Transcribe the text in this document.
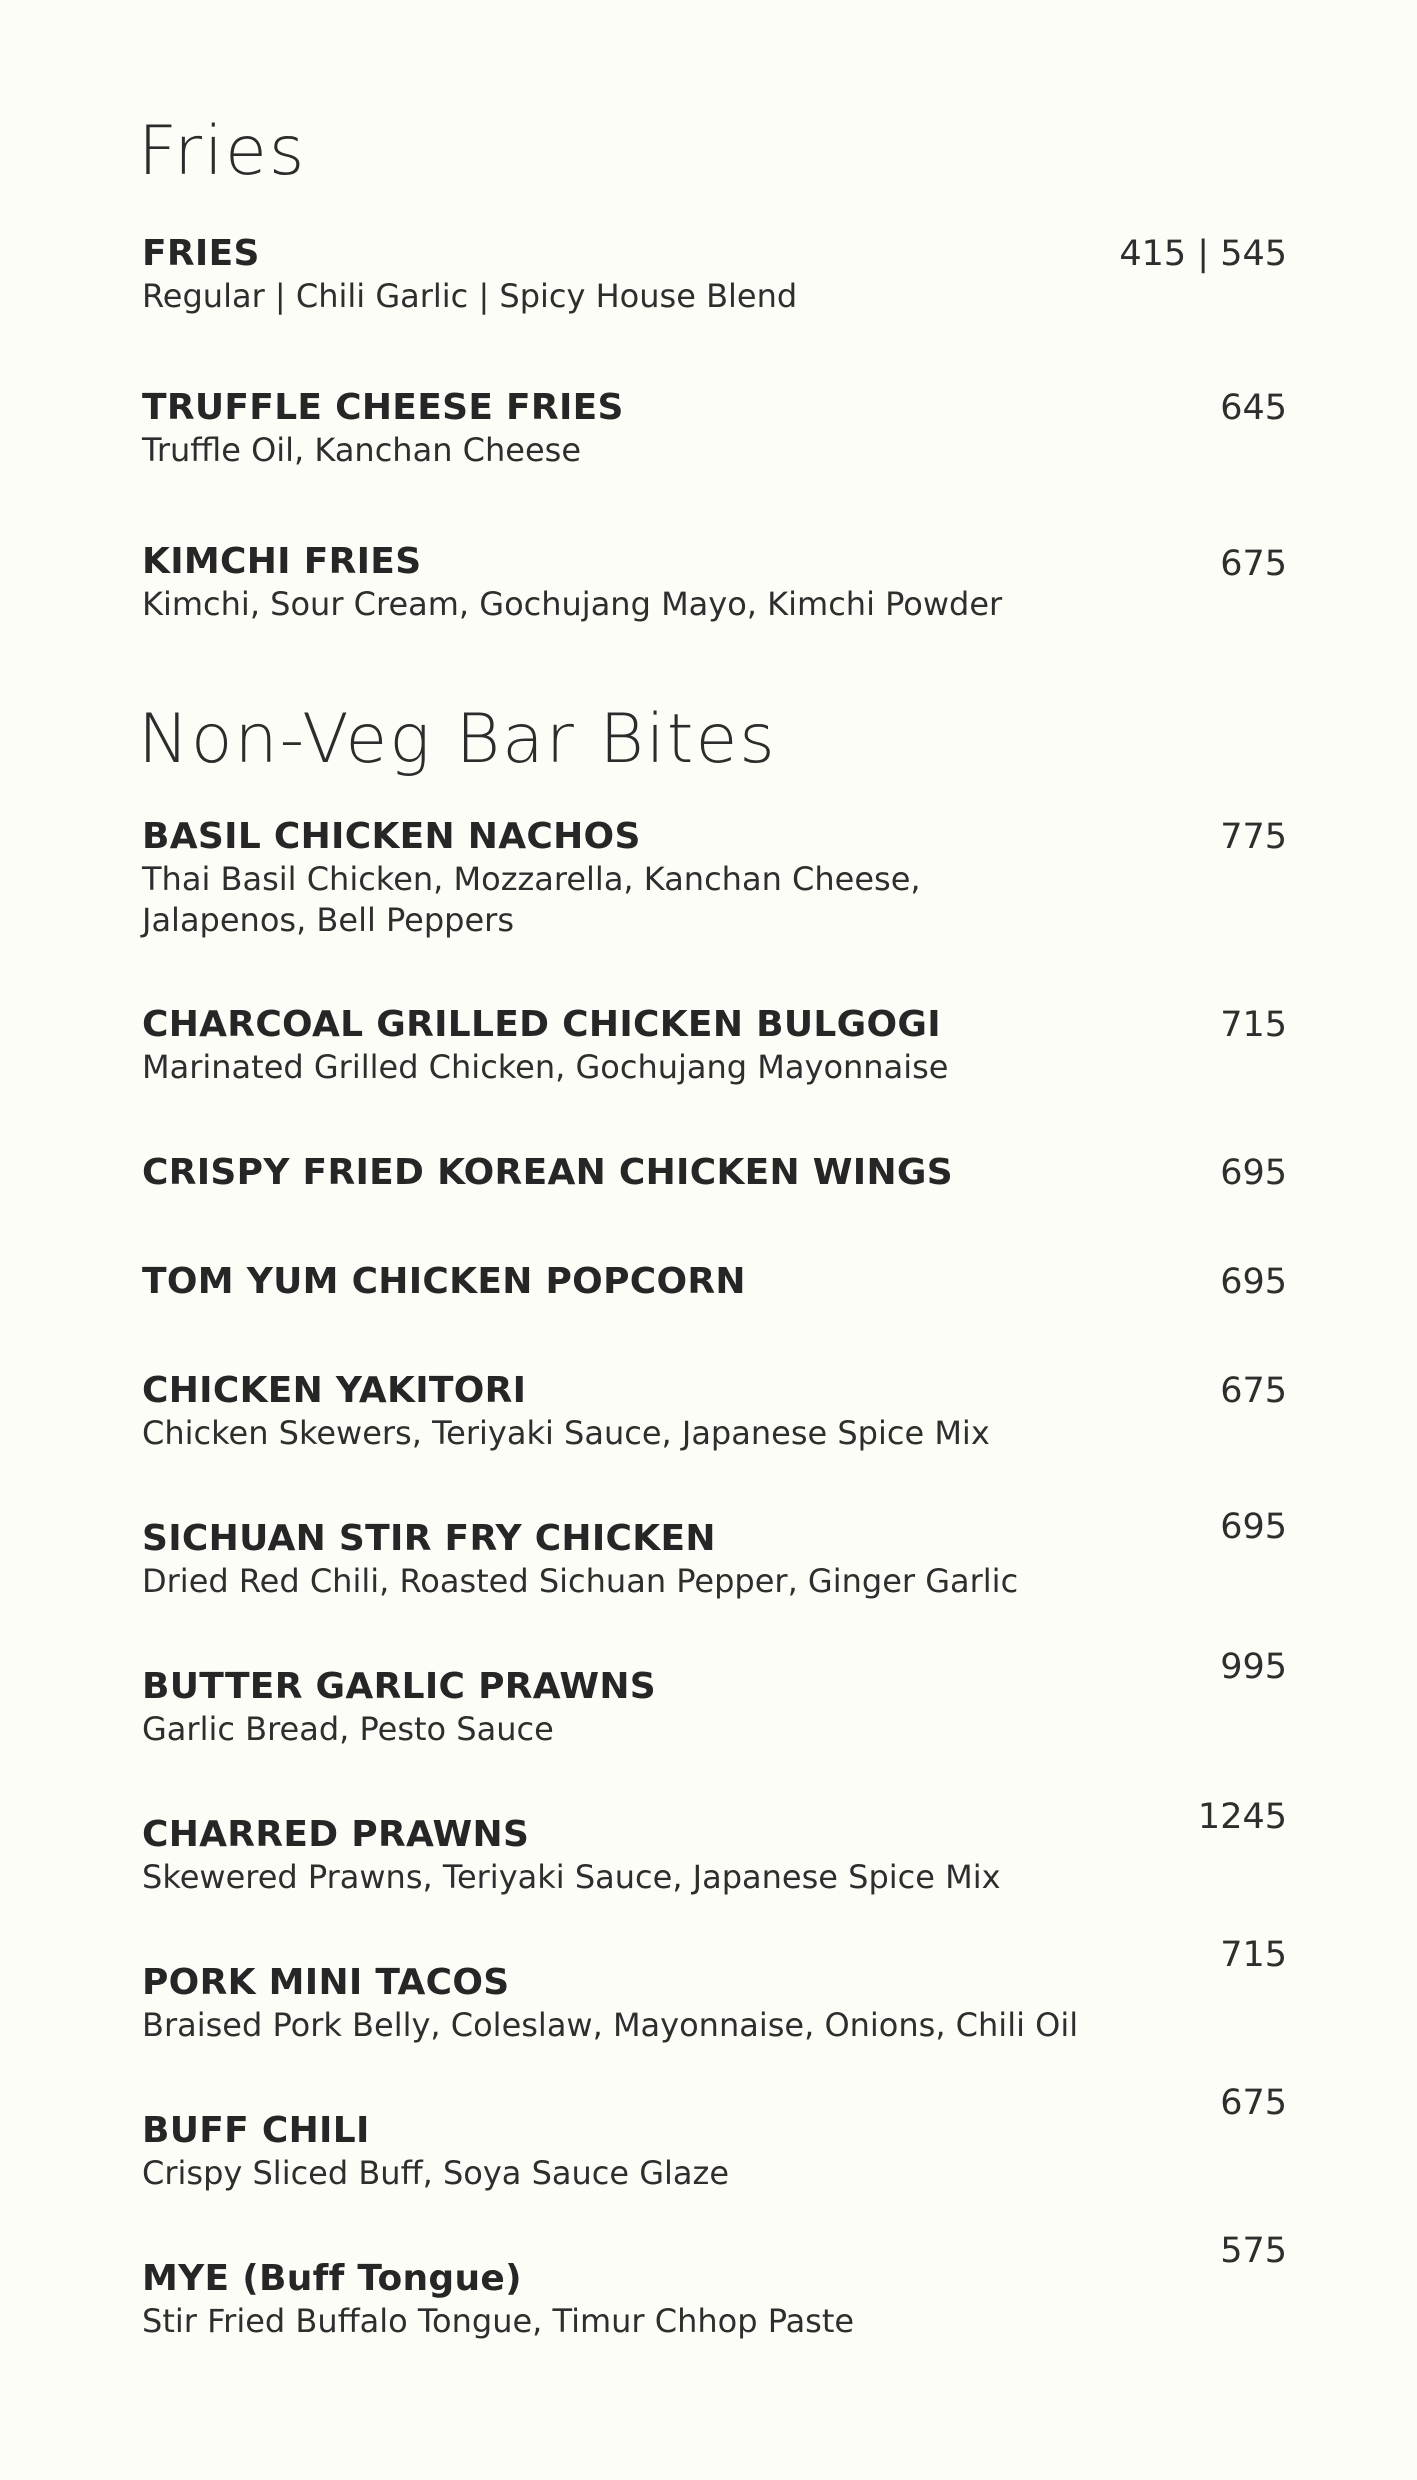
Fries
FRIES
Regular | Chili Garlic | Spicy House Blend
415 | 545
TRUFFLE CHEESE FRIES
Truffle Oil, Kanchan Cheese
645
KIMCHI FRIES
Kimchi, Sour Cream, Gochujang Mayo, Kimchi Powder
675
Non-Veg Bar Bites
BASIL CHICKEN NACHOS
Thai Basil Chicken, Mozzarella, Kanchan Cheese, Jalapenos, Bell Peppers
775
CHARCOAL GRILLED CHICKEN BULGOGI
Marinated Grilled Chicken, Gochujang Mayonnaise
715
CRISPY FRIED KOREAN CHICKEN WINGS	695
TOM YUM CHICKEN POPCORN	695
CHICKEN YAKITORI
Chicken Skewers, Teriyaki Sauce, Japanese Spice Mix
675
SICHUAN STIR FRY CHICKEN
Dried Red Chili, Roasted Sichuan Pepper, Ginger Garlic
695
BUTTER GARLIC PRAWNS
Garlic Bread, Pesto Sauce
995
CHARRED PRAWNS
Skewered Prawns, Teriyaki Sauce, Japanese Spice Mix
1245
PORK MINI TACOS
Braised Pork Belly, Coleslaw, Mayonnaise, Onions, Chili Oil
715
BUFF CHILI
Crispy Sliced Buff, Soya Sauce Glaze
675
MYE (Buff Tongue)
Stir Fried Buffalo Tongue, Timur Chhop Paste
575
